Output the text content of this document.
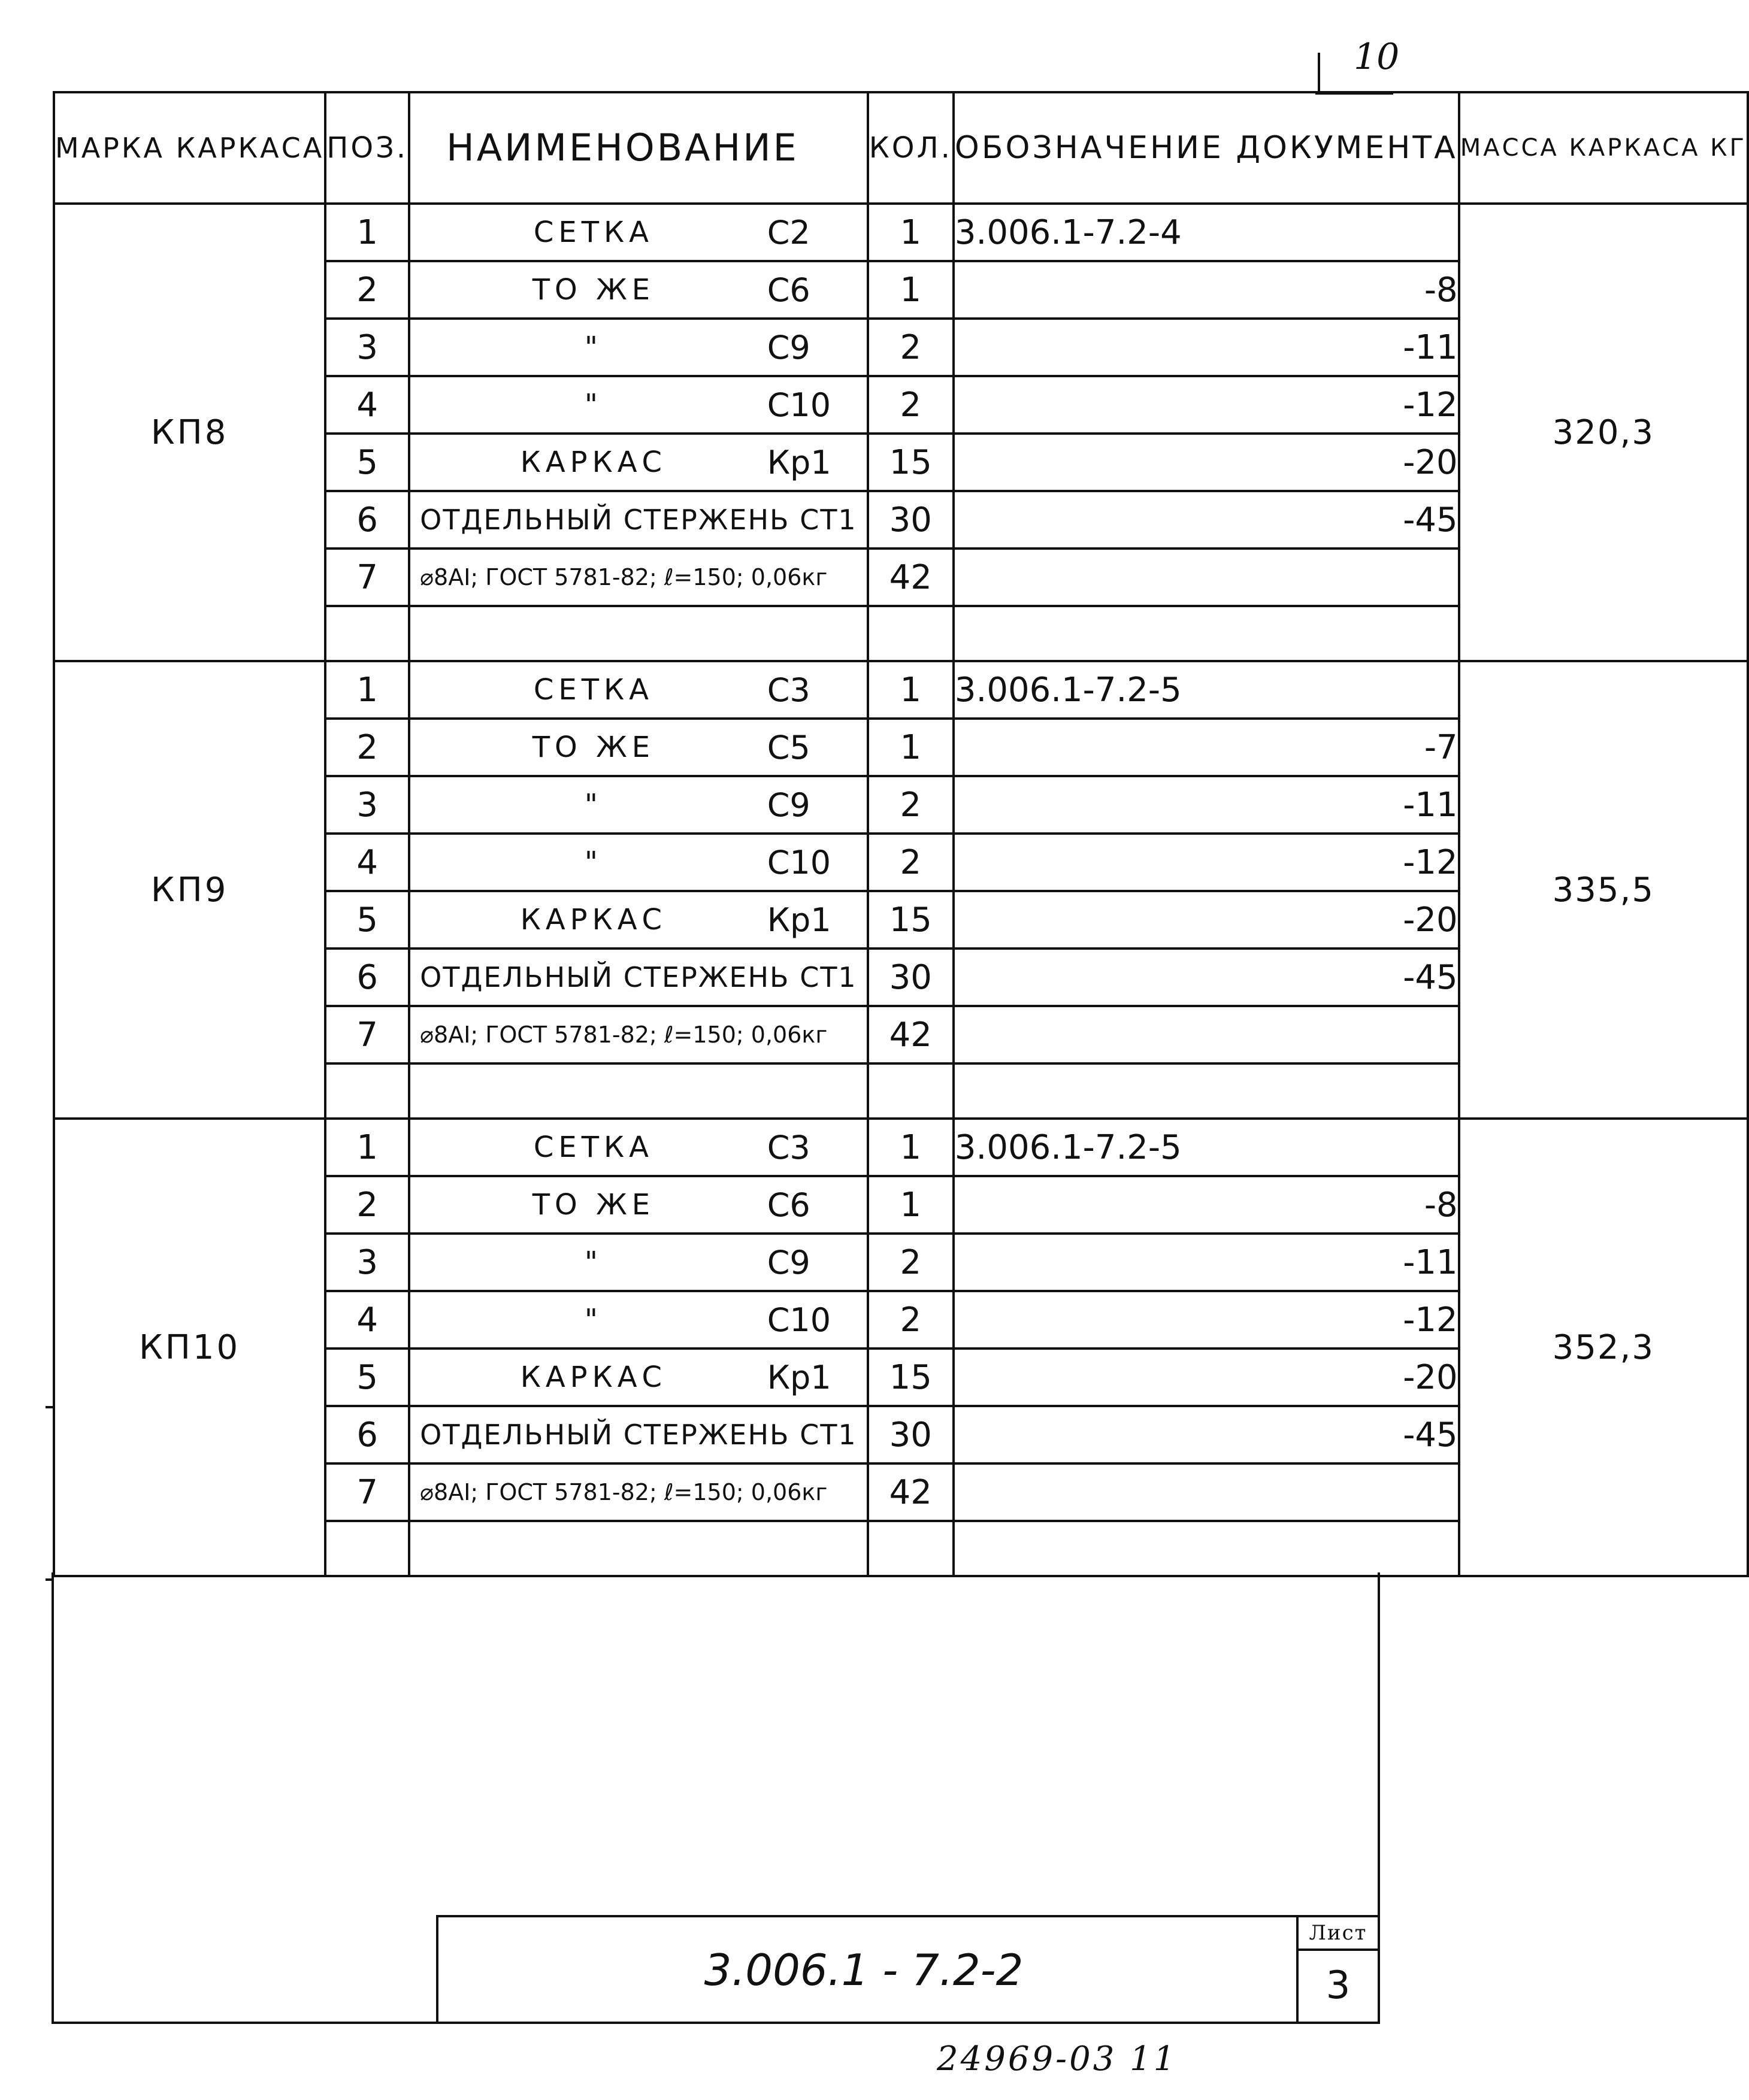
10
МАРКА КАРКАСА	ПОЗ.	НАИМЕНОВАНИЕ	КОЛ.	ОБОЗНАЧЕНИЕ ДОКУМЕНТА	МАССА КАРКАСА КГ
КП8	1	СЕТКА С2	1	3.006.1-7.2-4	320,3
	2	ТО ЖЕ С6	1	-8	
	3	" С9	2	-11	
	4	" С10	2	-12	
	5	КАРКАС Кр1	15	-20	
	6	ОТДЕЛЬНЫЙ СТЕРЖЕНЬ СТ1	30	-45	
	7	⌀8АI; ГОСТ 5781-82; ℓ=150; 0,06кг	42		

КП9	1	СЕТКА С3	1	3.006.1-7.2-5	335,5
	2	ТО ЖЕ С5	1	-7	
	3	" С9	2	-11	
	4	" С10	2	-12	
	5	КАРКАС Кр1	15	-20	
	6	ОТДЕЛЬНЫЙ СТЕРЖЕНЬ СТ1	30	-45	
	7	⌀8АI; ГОСТ 5781-82; ℓ=150; 0,06кг	42		

КП10	1	СЕТКА С3	1	3.006.1-7.2-5	352,3
	2	ТО ЖЕ С6	1	-8	
	3	" С9	2	-11	
	4	" С10	2	-12	
	5	КАРКАС Кр1	15	-20	
	6	ОТДЕЛЬНЫЙ СТЕРЖЕНЬ СТ1	30	-45	
	7	⌀8АI; ГОСТ 5781-82; ℓ=150; 0,06кг	42		

3.006.1 - 7.2-2
Лист
3
24969-03 11
